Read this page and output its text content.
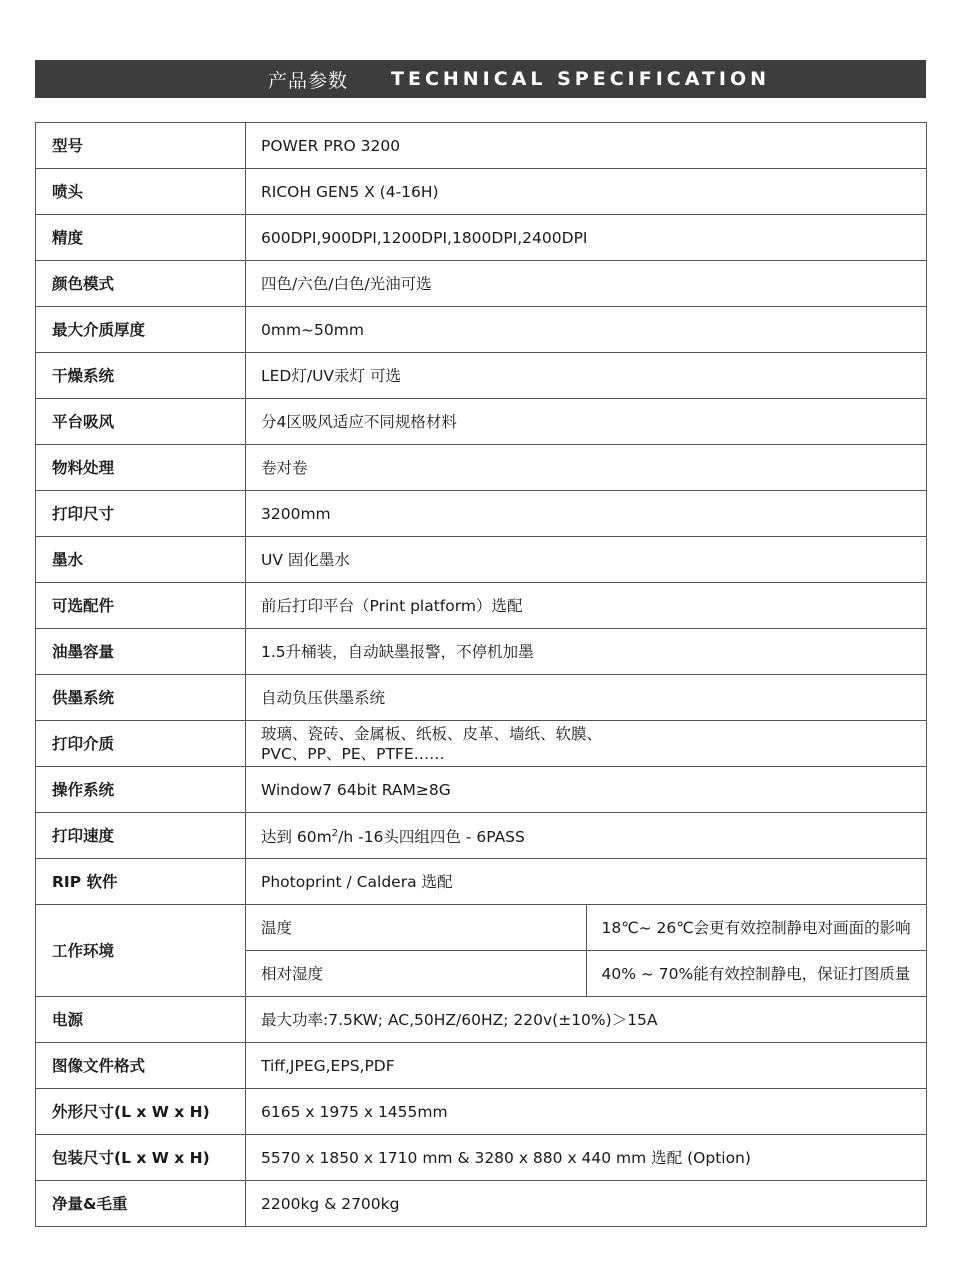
产品参数 TECHNICAL SPECIFICATION
型号	POWER PRO 3200	
喷头	RICOH GEN5 X (4-16H)	
精度	600DPI,900DPI,1200DPI,1800DPI,2400DPI	
颜色模式	四色/六色/白色/光油可选	
最大介质厚度	0mm~50mm	
干燥系统	LED灯/UV汞灯 可选	
平台吸风	分4区吸风适应不同规格材料	
物料处理	卷对卷	
打印尺寸	3200mm	
墨水	UV 固化墨水	
可选配件	前后打印平台（Print platform）选配	
油墨容量	1.5升桶装，自动缺墨报警，不停机加墨	
供墨系统	自动负压供墨系统	
打印介质	玻璃、瓷砖、金属板、纸板、皮革、墙纸、软膜、
PVC、PP、PE、PTFE……	

操作系统	Window7 64bit RAM≥8G	
打印速度	达到 $60m^2/h$ -16头四组四色 - 6PASS	
RIP 软件	Photoprint / Caldera 选配	
工作环境	温度	18℃~ 26℃会更有效控制静电对画面的影响
	相对湿度	40% ~ 70%能有效控制静电，保证打图质量
电源	最大功率:7.5KW; AC,50HZ/60HZ; 220v(±10%)＞15A	
图像文件格式	Tiff,JPEG,EPS,PDF	
外形尺寸(L x W x H)	6165 x 1975 x 1455mm	
包装尺寸(L x W x H)	5570 x 1850 x 1710 mm & 3280 x 880 x 440 mm 选配 (Option)	
净量&毛重	2200kg & 2700kg	
